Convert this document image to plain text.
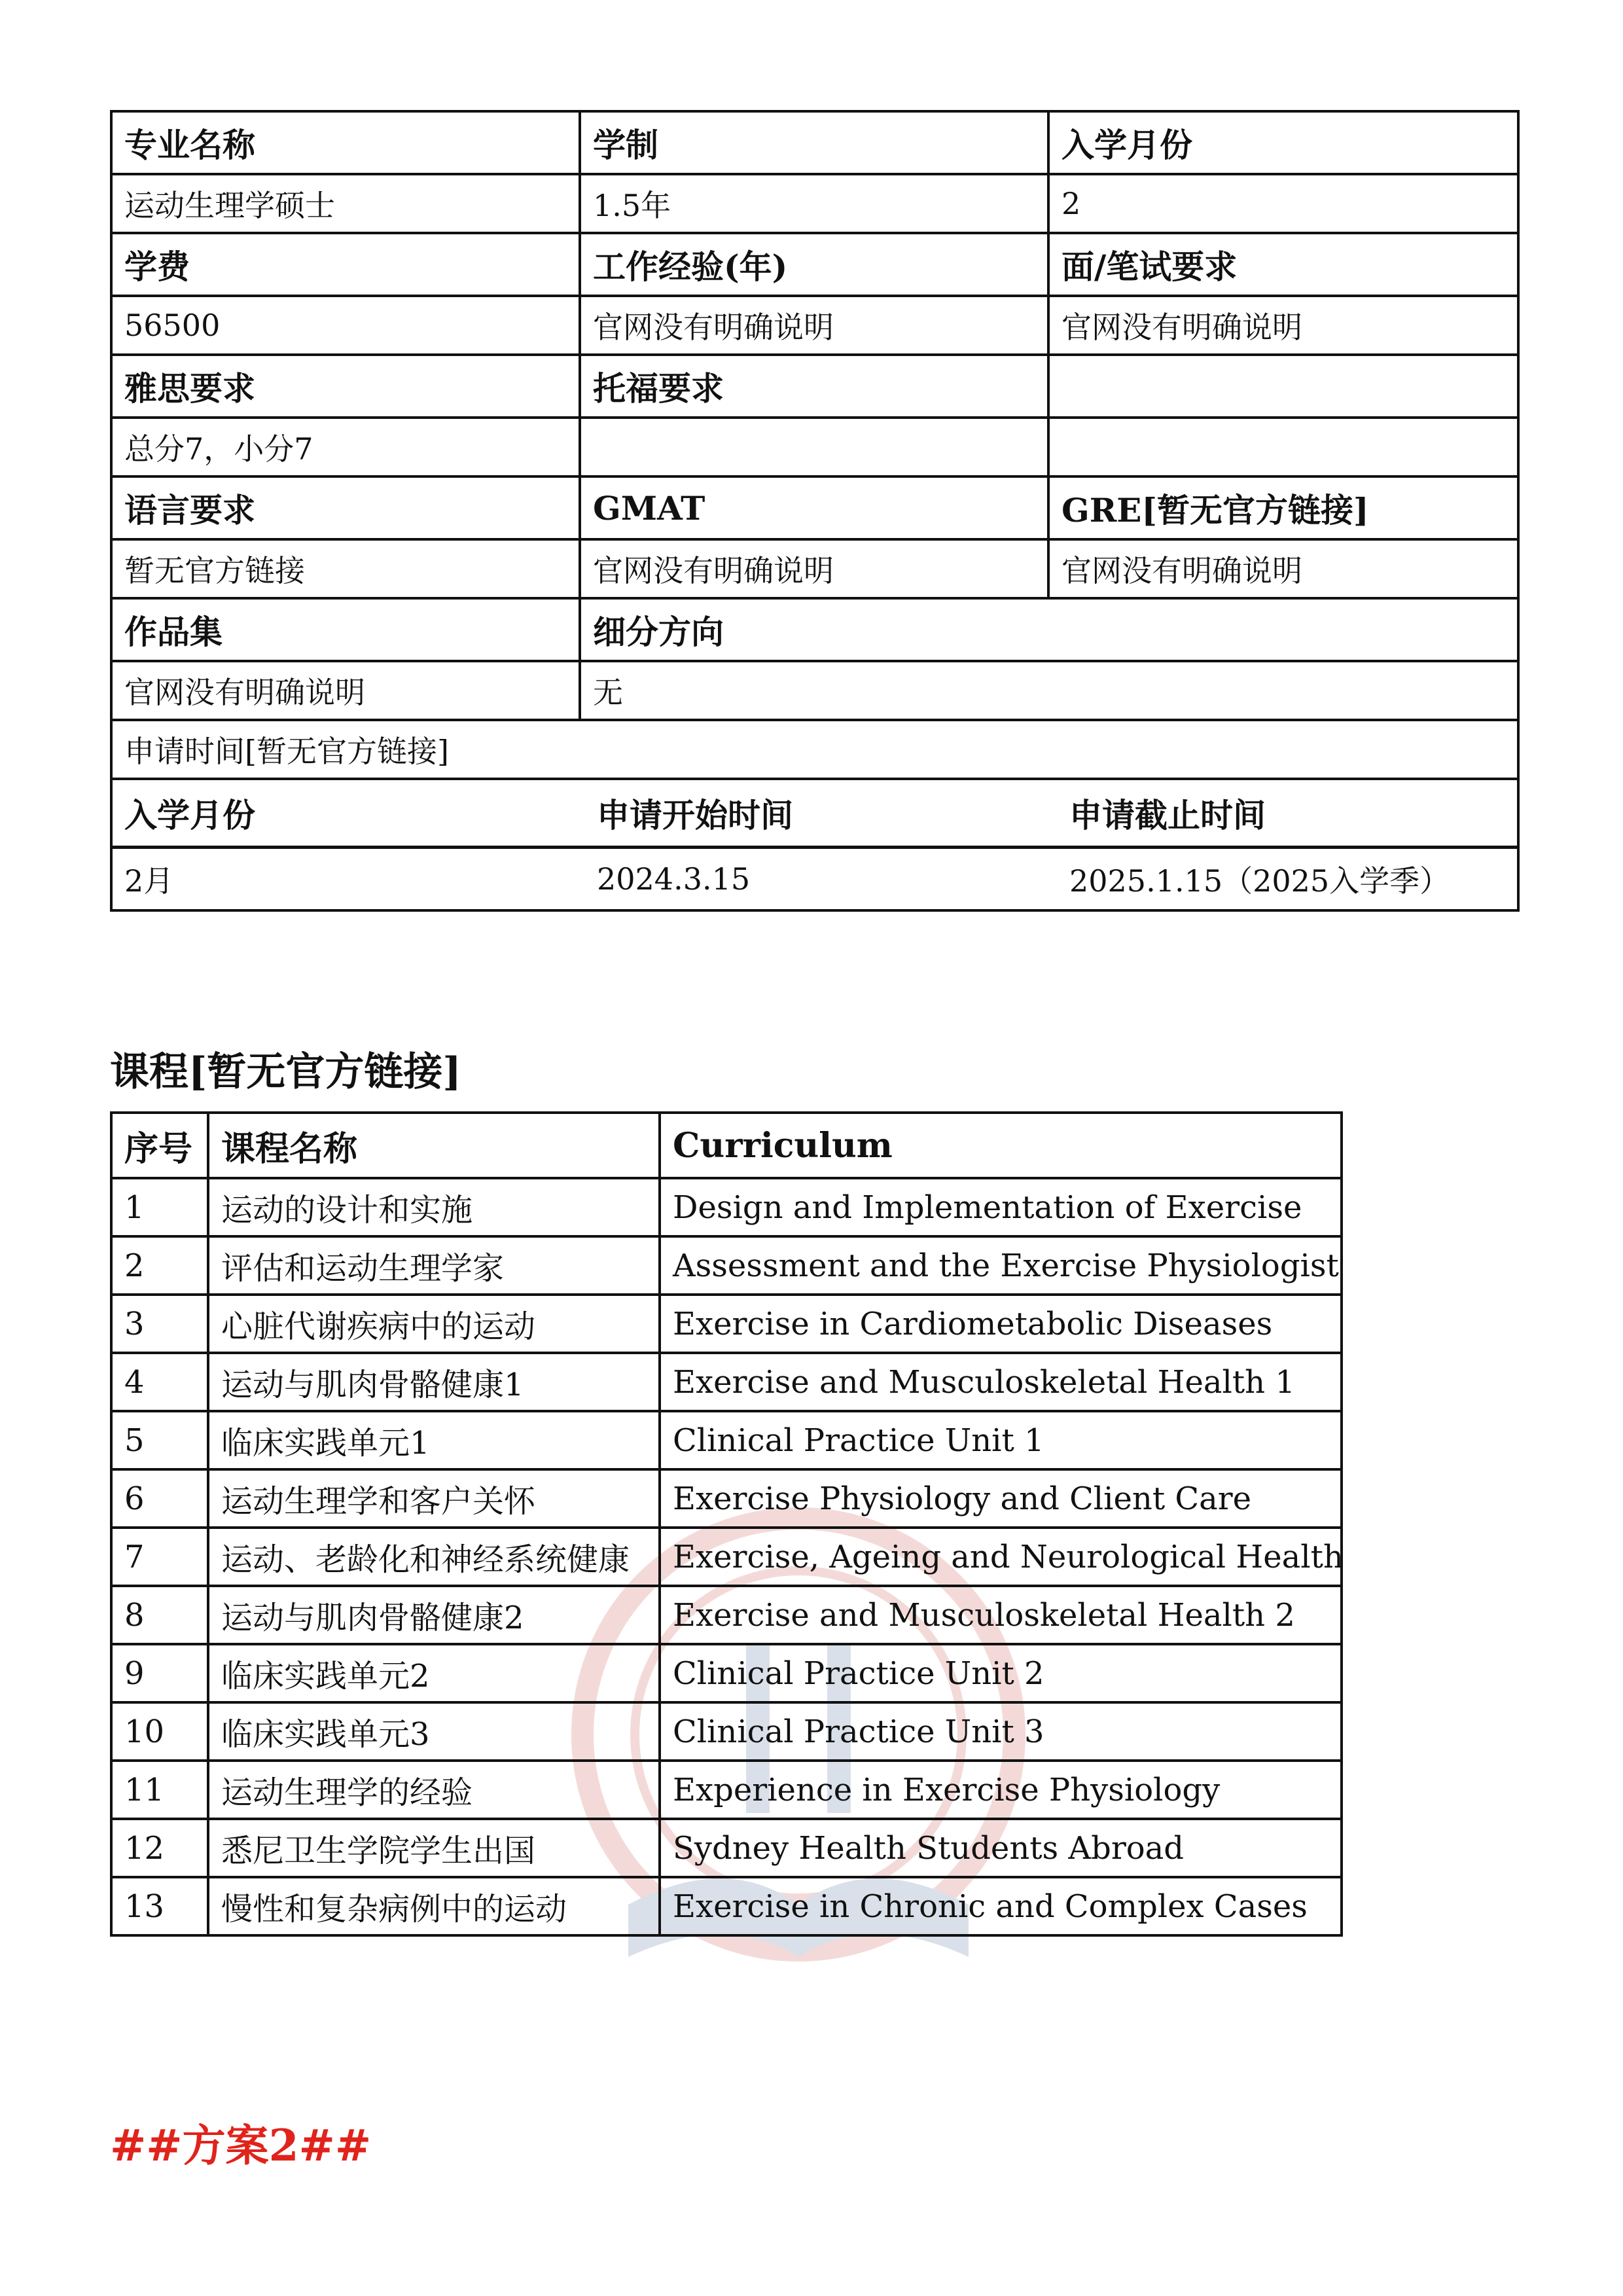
专业名称	学制	入学月份
运动生理学硕士	1.5年	2
学费	工作经验(年)	面/笔试要求
56500	官网没有明确说明	官网没有明确说明
雅思要求	托福要求	
总分7，小分7		
语言要求	GMAT	GRE[暂无官方链接]
暂无官方链接	官网没有明确说明	官网没有明确说明
作品集	细分方向
官网没有明确说明	无
申请时间[暂无官方链接]

入学月份	申请开始时间	申请截止时间
2月	2024.3.15	2025.1.15（2025入学季）
课程[暂无官方链接]
序号	课程名称	Curriculum
1	运动的设计和实施	Design and Implementation of Exercise
2	评估和运动生理学家	Assessment and the Exercise Physiologist
3	心脏代谢疾病中的运动	Exercise in Cardiometabolic Diseases
4	运动与肌肉骨骼健康1	Exercise and Musculoskeletal Health 1
5	临床实践单元1	Clinical Practice Unit 1
6	运动生理学和客户关怀	Exercise Physiology and Client Care
7	运动、老龄化和神经系统健康	Exercise, Ageing and Neurological Health
8	运动与肌肉骨骼健康2	Exercise and Musculoskeletal Health 2
9	临床实践单元2	Clinical Practice Unit 2
10	临床实践单元3	Clinical Practice Unit 3
11	运动生理学的经验	Experience in Exercise Physiology
12	悉尼卫生学院学生出国	Sydney Health Students Abroad
13	慢性和复杂病例中的运动	Exercise in Chronic and Complex Cases
##方案2##
